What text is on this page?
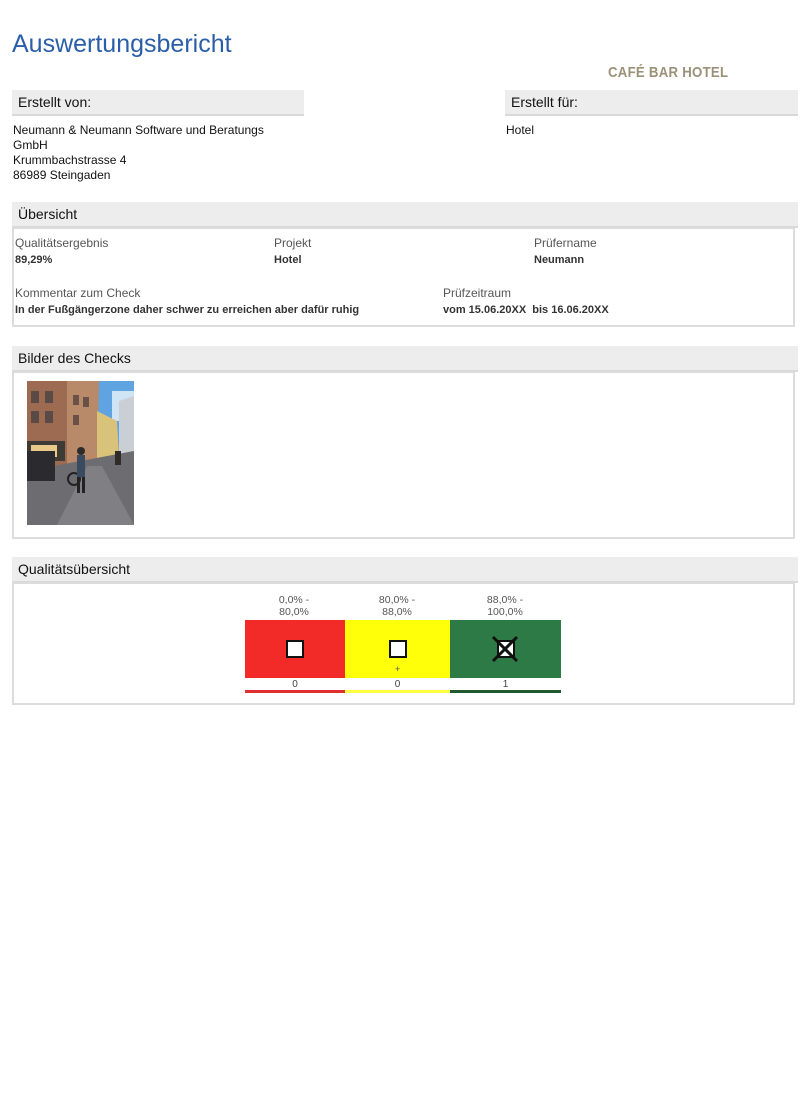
Auswertungsbericht
CAFÉ BAR HOTEL
Erstellt von:
Neumann & Neumann Software und Beratungs
GmbH
Krummbachstrasse 4
86989 Steingaden
Erstellt für:
Hotel
Übersicht
Qualitätsergebnis
89,29%
Projekt
Hotel
Prüfername
Neumann
Kommentar zum Check
In der Fußgängerzone daher schwer zu erreichen aber dafür ruhig
Prüfzeitraum
vom 15.06.20XX  bis 16.06.20XX
Bilder des Checks
Qualitätsübersicht
0,0% -
80,0%
80,0% -
88,0%
88,0% -
100,0%
+
0	0	1
